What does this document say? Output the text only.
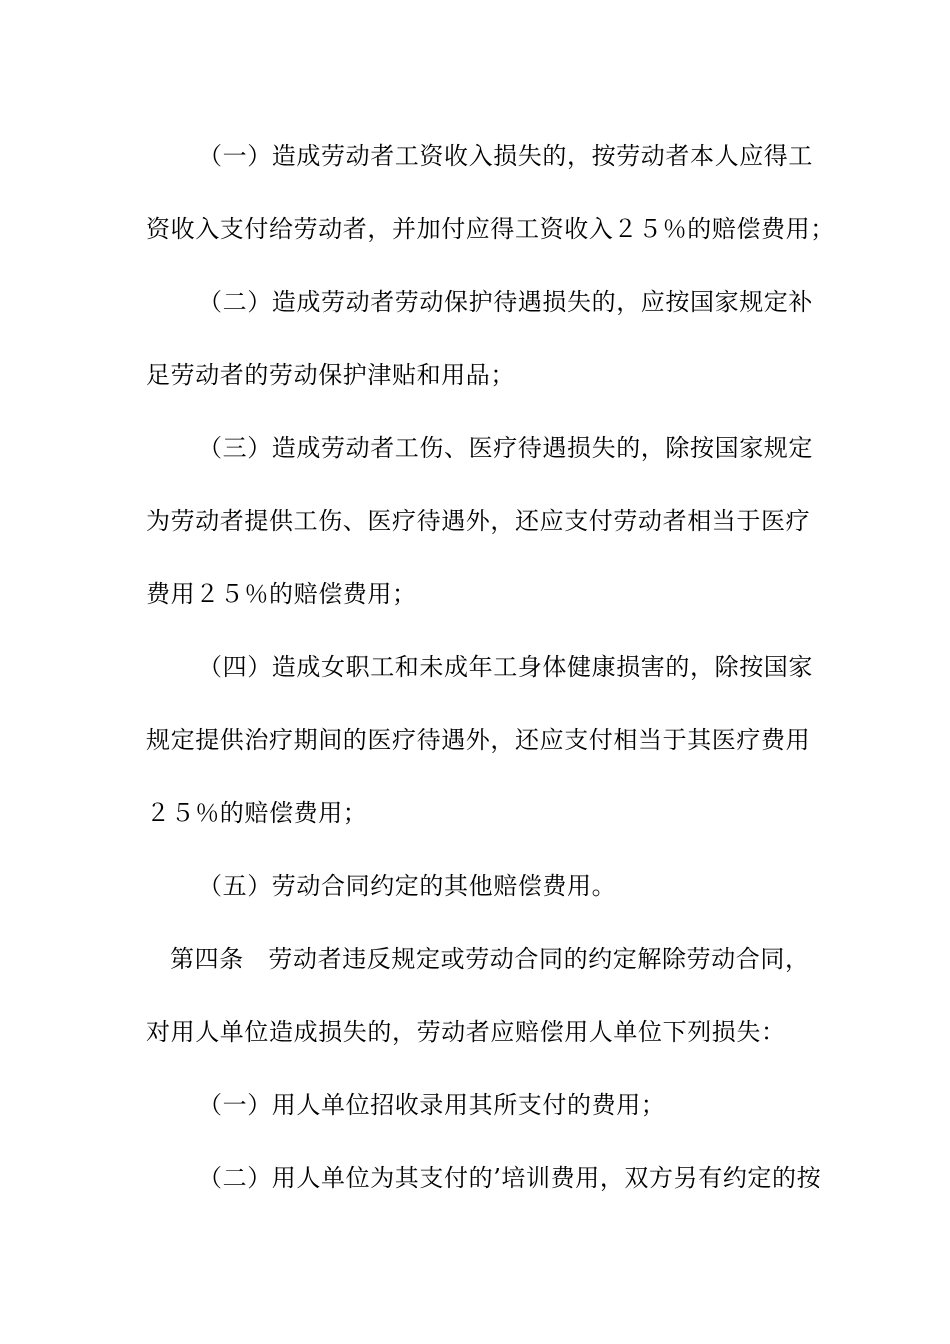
（一）造成劳动者工资收入损失的，按劳动者本人应得工
资收入支付给劳动者，并加付应得工资收入２５％的赔偿费用；
（二）造成劳动者劳动保护待遇损失的，应按国家规定补
足劳动者的劳动保护津贴和用品；
（三）造成劳动者工伤、医疗待遇损失的，除按国家规定
为劳动者提供工伤、医疗待遇外，还应支付劳动者相当于医疗
费用２５％的赔偿费用；
（四）造成女职工和未成年工身体健康损害的，除按国家
规定提供治疗期间的医疗待遇外，还应支付相当于其医疗费用
２５％的赔偿费用；
（五）劳动合同约定的其他赔偿费用。
第四条　劳动者违反规定或劳动合同的约定解除劳动合同，
对用人单位造成损失的，劳动者应赔偿用人单位下列损失：
（一）用人单位招收录用其所支付的费用；
（二）用人单位为其支付的’培训费用，双方另有约定的按
